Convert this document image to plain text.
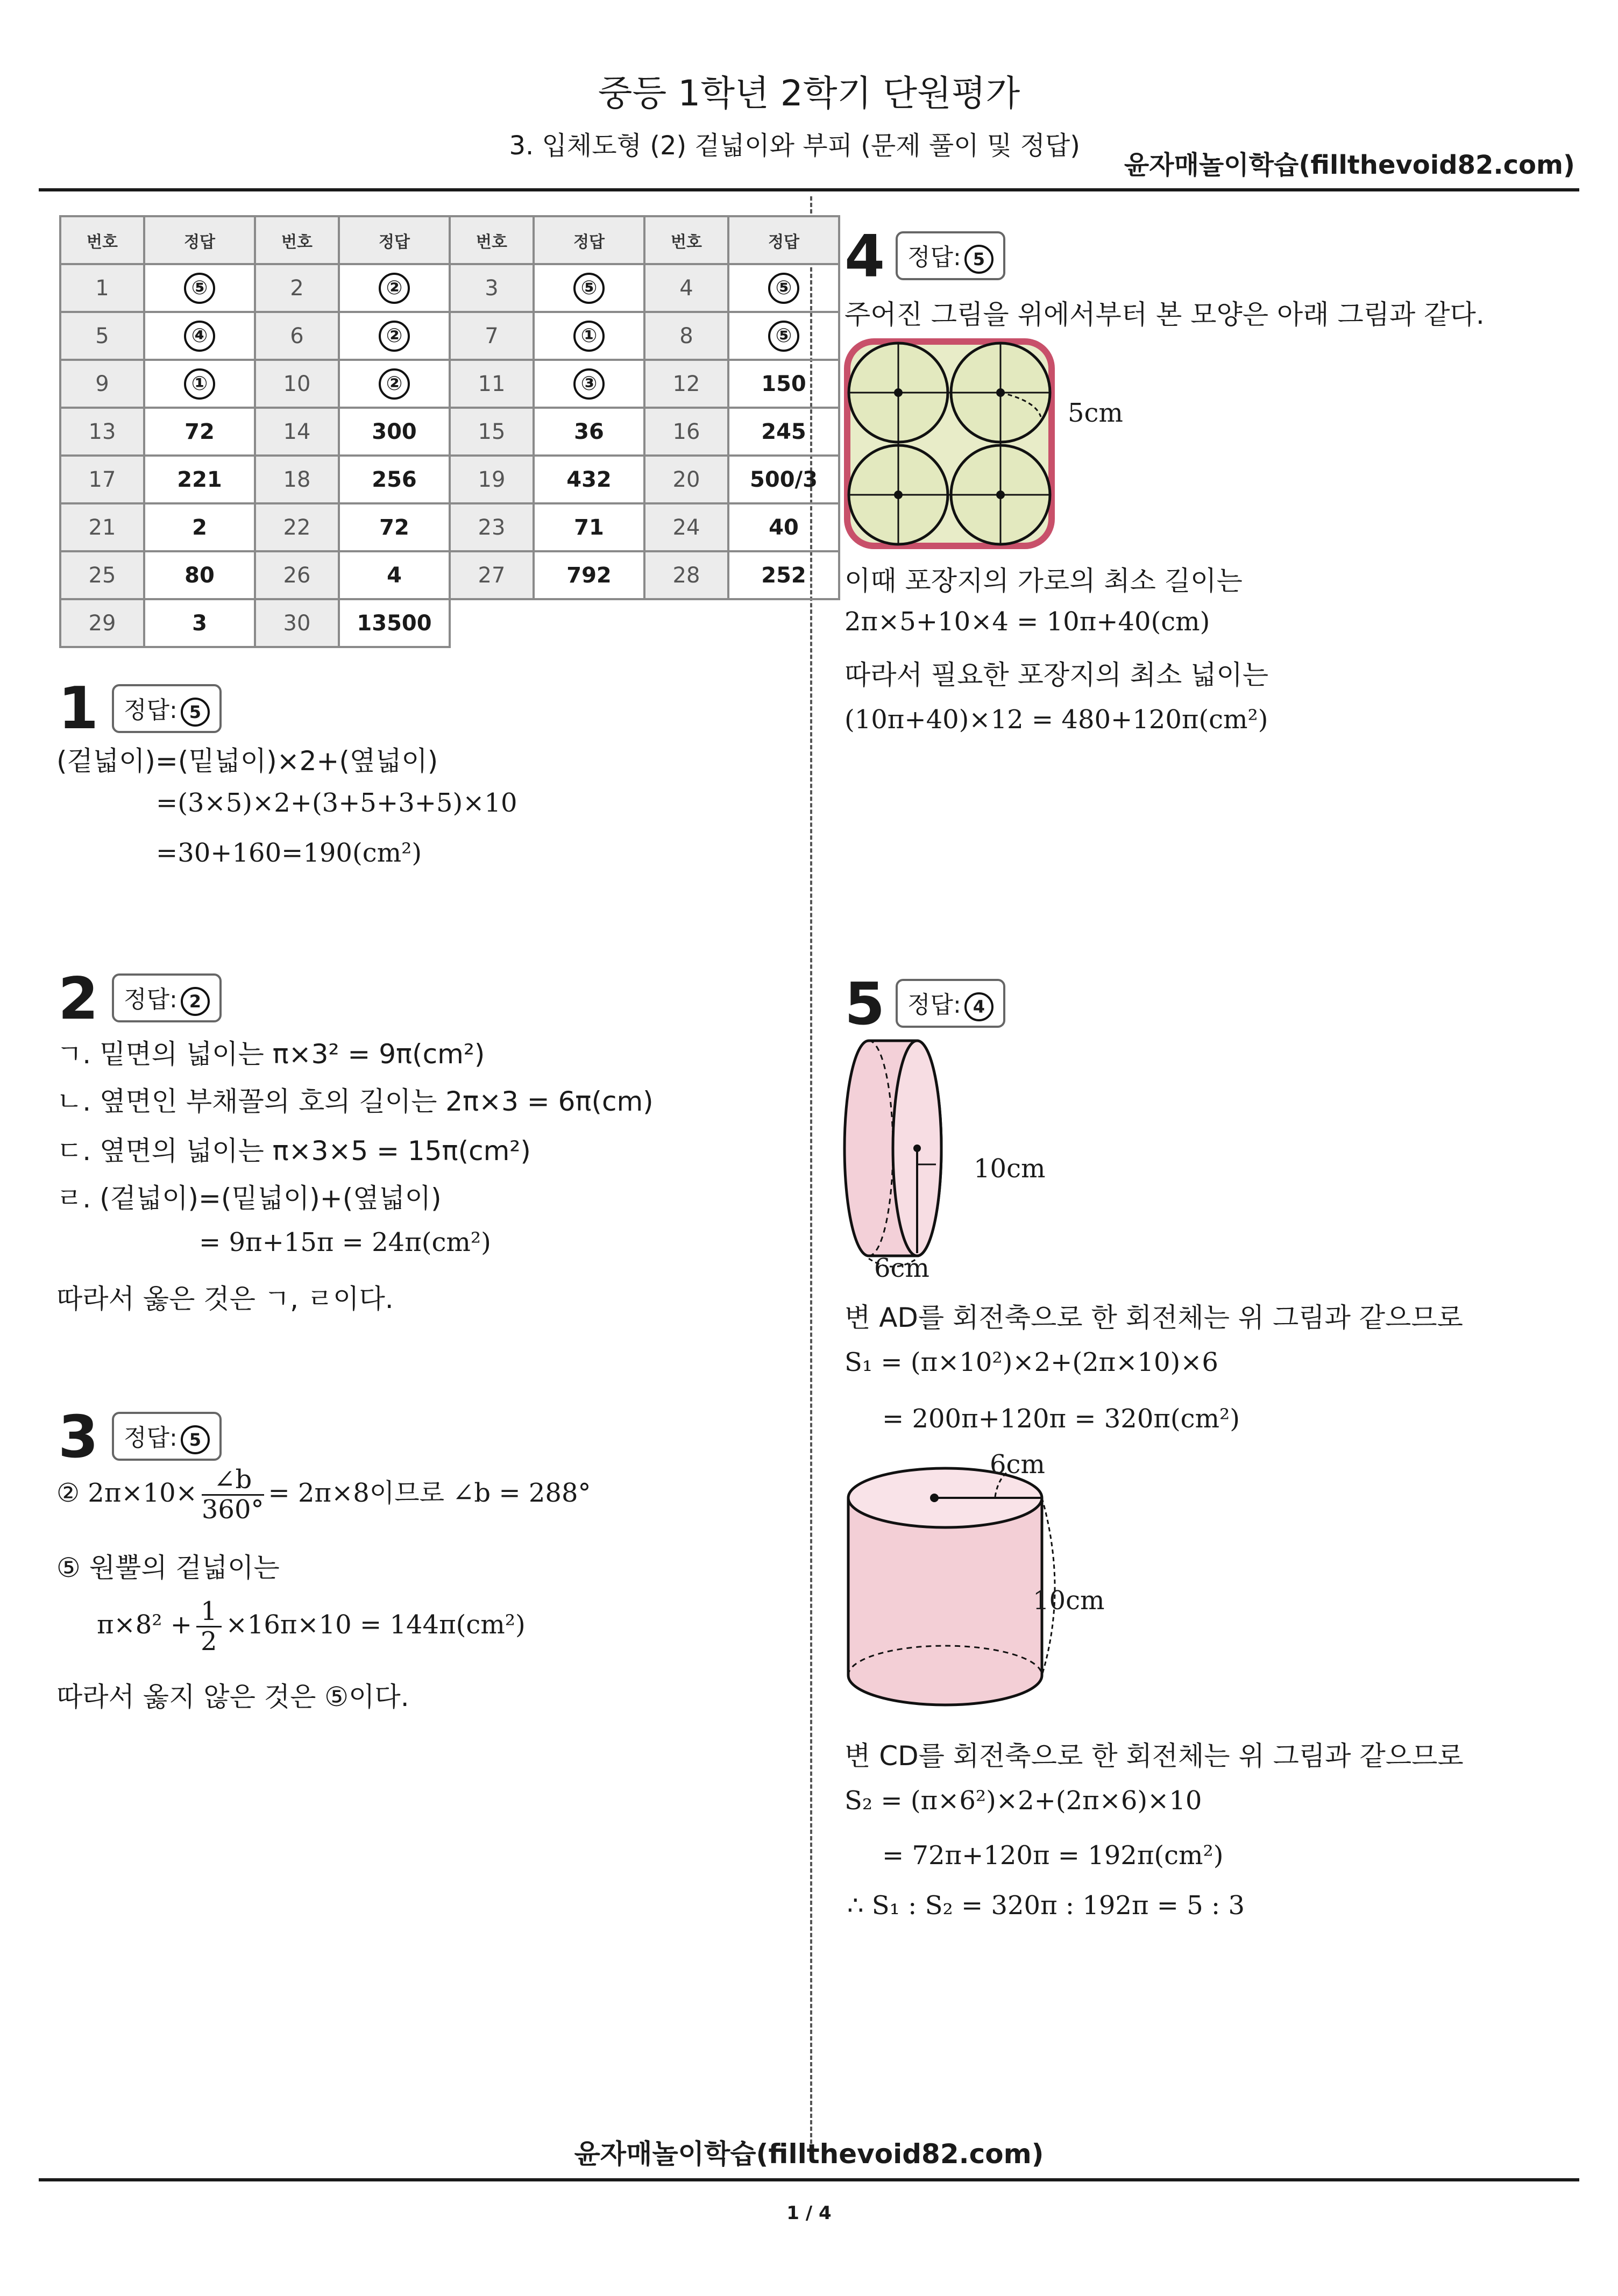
중등 1학년 2학기 단원평가
3. 입체도형 (2) 겉넓이와 부피 (문제 풀이 및 정답)
윤자매놀이학습(fillthevoid82.com)
번호	정답	번호	정답	번호	정답	번호	정답
1	⑤	2	②	3	⑤	4	⑤
5	④	6	②	7	①	8	⑤
9	①	10	②	11	③	12	150
13	72	14	300	15	36	16	245
17	221	18	256	19	432	20	500/3
21	2	22	72	23	71	24	40
25	80	26	4	27	792	28	252
29	3	30	13500				
1	정답: 5
(겉넓이)=(밑넓이)×2+(옆넓이)
=(3×5)×2+(3+5+3+5)×10
=30+160=190(cm²)
2	정답: 2
ㄱ. 밑면의 넓이는 π×3² = 9π(cm²)
ㄴ. 옆면인 부채꼴의 호의 길이는 2π×3 = 6π(cm)
ㄷ. 옆면의 넓이는 π×3×5 = 15π(cm²)
ㄹ. (겉넓이)=(밑넓이)+(옆넓이)
= 9π+15π = 24π(cm²)
따라서 옳은 것은 ㄱ, ㄹ이다.
3	정답: 5
② $2\pi\times 10\times \frac{\angle b}{360^\circ} = 2\pi\times 8$이므로 ∠b = 288°
⑤ 원뿔의 겉넓이는
$\pi\times 8^2 + \frac{1}{2} \times 16\pi\times 10 = 144\pi(cm^2)$
따라서 옳지 않은 것은 ⑤이다.
4 정답: 5
주어진 그림을 위에서부터 본 모양은 아래 그림과 같다.
5cm
이때 포장지의 가로의 최소 길이는
2π×5+10×4 = 10π+40(cm)
따라서 필요한 포장지의 최소 넓이는
(10π+40)×12 = 480+120π(cm²)
5 정답: 4
10cm
6cm
변 AD를 회전축으로 한 회전체는 위 그림과 같으므로
S₁ = (π×10²)×2+(2π×10)×6
= 200π+120π = 320π(cm²)
6cm
10cm
변 CD를 회전축으로 한 회전체는 위 그림과 같으므로
S₂ = (π×6²)×2+(2π×6)×10
= 72π+120π = 192π(cm²)
∴ S₁ : S₂ = 320π : 192π = 5 : 3
윤자매놀이학습(fillthevoid82.com)
1 / 4
